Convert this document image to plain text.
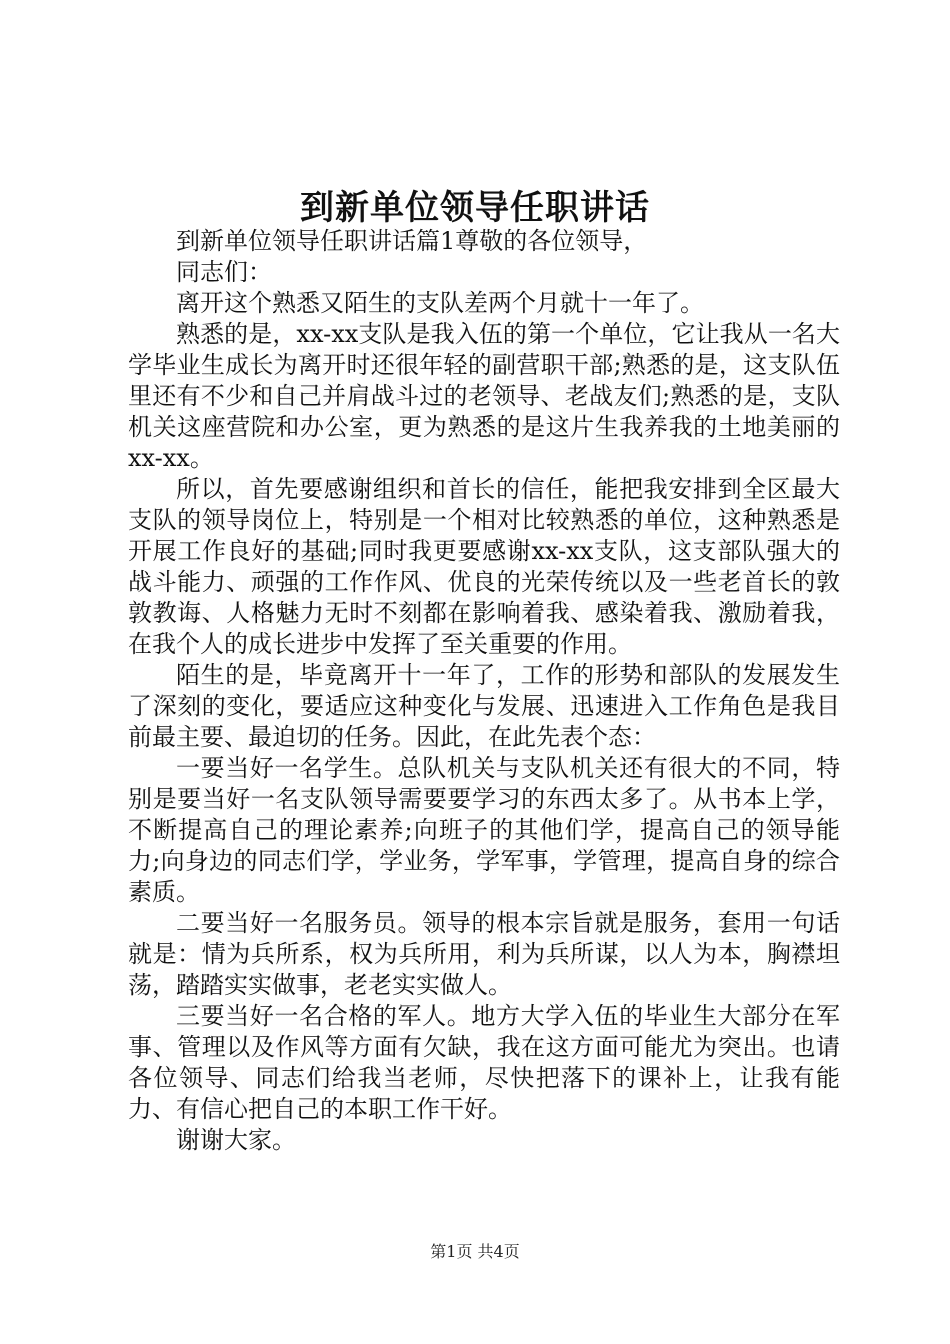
到新单位领导任职讲话

到新单位领导任职讲话篇1尊敬的各位领导，

同志们：

离开这个熟悉又陌生的支队差两个月就十一年了。

熟悉的是，xx-xx支队是我入伍的第一个单位，它让我从一名大学毕业生成长为离开时还很年轻的副营职干部;熟悉的是，这支队伍里还有不少和自己并肩战斗过的老领导、老战友们;熟悉的是，支队机关这座营院和办公室，更为熟悉的是这片生我养我的土地美丽的xx-xx。

所以，首先要感谢组织和首长的信任，能把我安排到全区最大支队的领导岗位上，特别是一个相对比较熟悉的单位，这种熟悉是开展工作良好的基础;同时我更要感谢xx-xx支队，这支部队强大的战斗能力、顽强的工作作风、优良的光荣传统以及一些老首长的敦敦教诲、人格魅力无时不刻都在影响着我、感染着我、激励着我，在我个人的成长进步中发挥了至关重要的作用。

陌生的是，毕竟离开十一年了，工作的形势和部队的发展发生了深刻的变化，要适应这种变化与发展、迅速进入工作角色是我目前最主要、最迫切的任务。因此，在此先表个态：

一要当好一名学生。总队机关与支队机关还有很大的不同，特别是要当好一名支队领导需要要学习的东西太多了。从书本上学，不断提高自己的理论素养;向班子的其他们学，提高自己的领导能力;向身边的同志们学，学业务，学军事，学管理，提高自身的综合素质。

二要当好一名服务员。领导的根本宗旨就是服务，套用一句话就是：情为兵所系，权为兵所用，利为兵所谋，以人为本，胸襟坦荡，踏踏实实做事，老老实实做人。

三要当好一名合格的军人。地方大学入伍的毕业生大部分在军事、管理以及作风等方面有欠缺，我在这方面可能尤为突出。也请各位领导、同志们给我当老师，尽快把落下的课补上，让我有能力、有信心把自己的本职工作干好。

谢谢大家。

第1页 共4页
